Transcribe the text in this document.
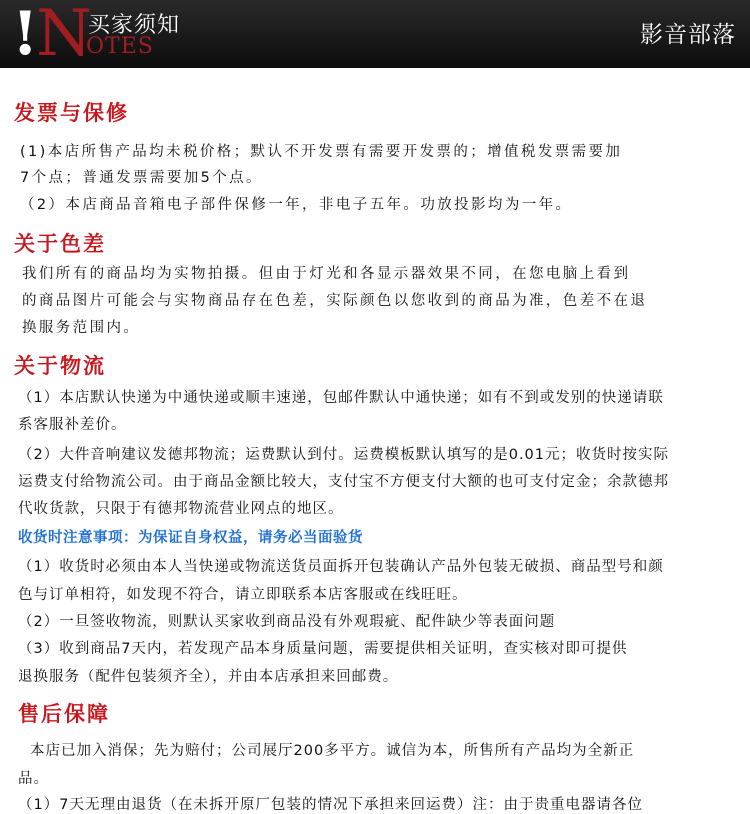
!
N
OTES
买家须知	影音部落
发票与保修
(1)本店所售产品均未税价格；默认不开发票有需要开发票的；增值税发票需要加
7个点；普通发票需要加5个点。
（2）本店商品音箱电子部件保修一年，非电子五年。功放投影均为一年。
关于色差
我们所有的商品均为实物拍摄。但由于灯光和各显示器效果不同，在您电脑上看到
的商品图片可能会与实物商品存在色差，实际颜色以您收到的商品为准，色差不在退
换服务范围内。
关于物流
（1）本店默认快递为中通快递或顺丰速递，包邮件默认中通快递；如有不到或发别的快递请联
系客服补差价。
（2）大件音响建议发德邦物流；运费默认到付。运费模板默认填写的是0.01元；收货时按实际
运费支付给物流公司。由于商品金额比较大，支付宝不方便支付大额的也可支付定金；余款德邦
代收货款，只限于有德邦物流营业网点的地区。
收货时注意事项：为保证自身权益，请务必当面验货
（1）收货时必须由本人当快递或物流送货员面拆开包装确认产品外包装无破损、商品型号和颜
色与订单相符，如发现不符合，请立即联系本店客服或在线旺旺。
（2）一旦签收物流，则默认买家收到商品没有外观瑕疵、配件缺少等表面问题
（3）收到商品7天内，若发现产品本身质量问题，需要提供相关证明，查实核对即可提供
退换服务（配件包装须齐全），并由本店承担来回邮费。
售后保障
本店已加入消保；先为赔付；公司展厅200多平方。诚信为本，所售所有产品均为全新正
品。
（1）7天无理由退货（在未拆开原厂包装的情况下承担来回运费）注：由于贵重电器请各位
